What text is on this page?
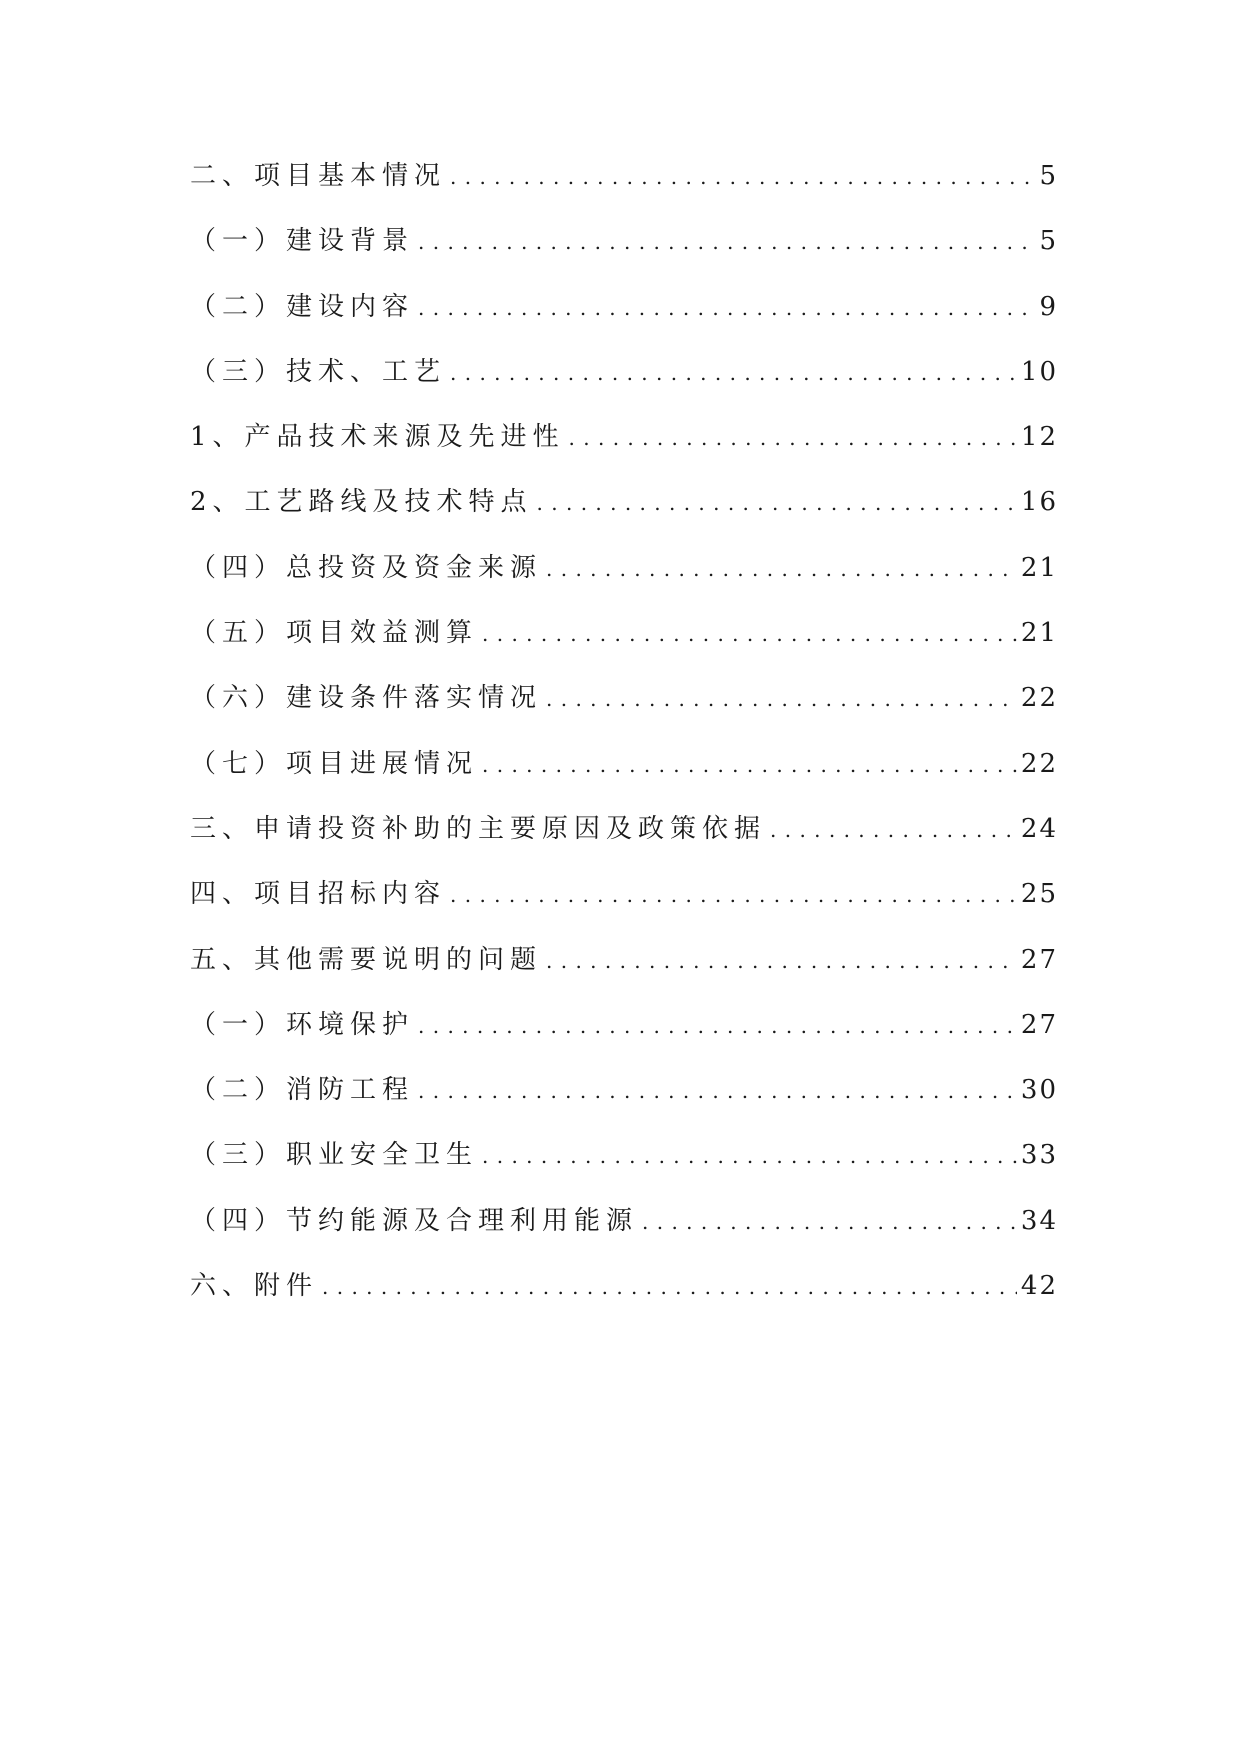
二、项目基本情况 . . .	5
（一）建设背景 . . .	5
（二）建设内容 . . .	9
（三）技术、工艺 . . .	10
1、产品技术来源及先进性 . . .	12
2、工艺路线及技术特点 . . .	16
（四）总投资及资金来源 . . .	21
（五）项目效益测算 . . .	21
（六）建设条件落实情况 . . .	22
（七）项目进展情况 . . .	22
三、申请投资补助的主要原因及政策依据 . . .	24
四、项目招标内容 . . .	25
五、其他需要说明的问题 . . .	27
（一）环境保护 . . .	27
（二）消防工程 . . .	30
（三）职业安全卫生 . . .	33
（四）节约能源及合理利用能源 . . .	34
六、附件 . . .	42
